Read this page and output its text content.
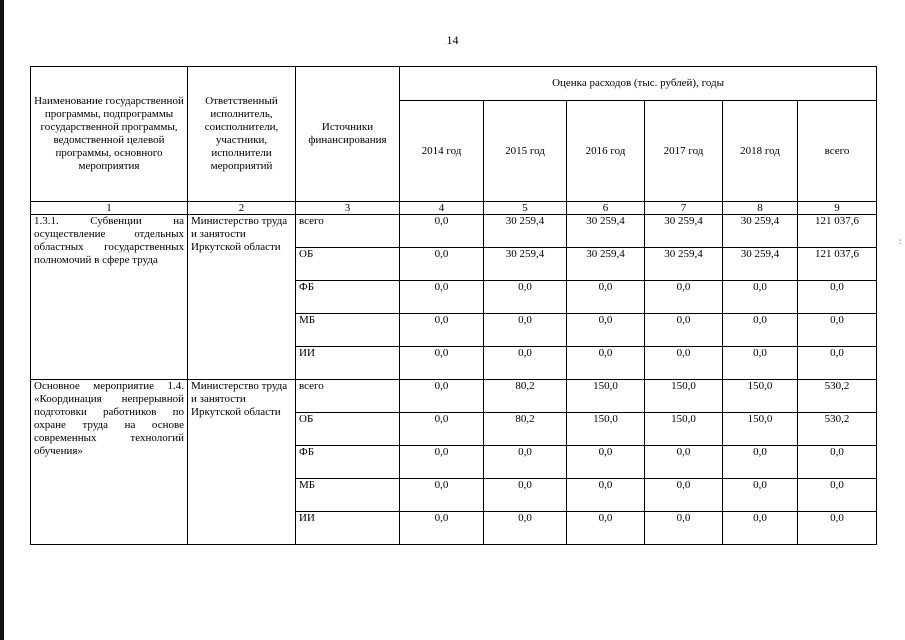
14
:
Наименование государственной программы, подпрограммы государственной программы, ведомственной целевой программы, основного мероприятия	Ответственный исполнитель, соисполнители, участники, исполнители мероприятий	Источники финансирования	Оценка расходов (тыс. рублей), годы					
			2014 год	2015 год	2016 год	2017 год	2018 год	всего
1	2	3	4	5	6	7	8	9
1.3.1. Субвенции на осуществление отдельных областных государственных полномочий в сфере труда	Министерство труда и занятости Иркутской области	всего	0,0	30 259,4	30 259,4	30 259,4	30 259,4	121 037,6
		ОБ	0,0	30 259,4	30 259,4	30 259,4	30 259,4	121 037,6
		ФБ	0,0	0,0	0,0	0,0	0,0	0,0
		МБ	0,0	0,0	0,0	0,0	0,0	0,0
		ИИ	0,0	0,0	0,0	0,0	0,0	0,0
Основное мероприятие 1.4. «Координация непрерывной подготовки работников по охране труда на основе современных технологий обучения»	Министерство труда и занятости Иркутской области	всего	0,0	80,2	150,0	150,0	150,0	530,2
		ОБ	0,0	80,2	150,0	150,0	150,0	530,2
		ФБ	0,0	0,0	0,0	0,0	0,0	0,0
		МБ	0,0	0,0	0,0	0,0	0,0	0,0
		ИИ	0,0	0,0	0,0	0,0	0,0	0,0
